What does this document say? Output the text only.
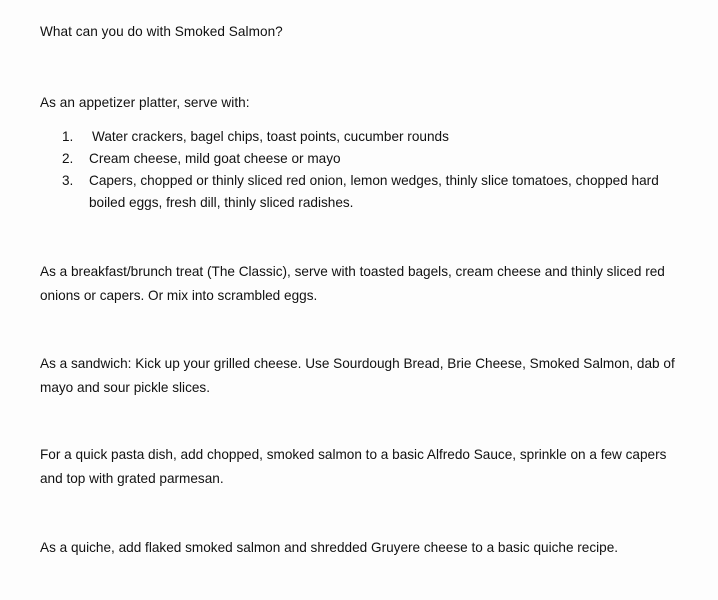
What can you do with Smoked Salmon?
As an appetizer platter, serve with:
1. Water crackers, bagel chips, toast points, cucumber rounds
2. Cream cheese, mild goat cheese or mayo
3. Capers, chopped or thinly sliced red onion, lemon wedges, thinly slice tomatoes, chopped hard boiled eggs, fresh dill, thinly sliced radishes.
As a breakfast/brunch treat (The Classic), serve with toasted bagels, cream cheese and thinly sliced red onions or capers. Or mix into scrambled eggs.
As a sandwich: Kick up your grilled cheese. Use Sourdough Bread, Brie Cheese, Smoked Salmon, dab of mayo and sour pickle slices.
For a quick pasta dish, add chopped, smoked salmon to a basic Alfredo Sauce, sprinkle on a few capers and top with grated parmesan.
As a quiche, add flaked smoked salmon and shredded Gruyere cheese to a basic quiche recipe.
